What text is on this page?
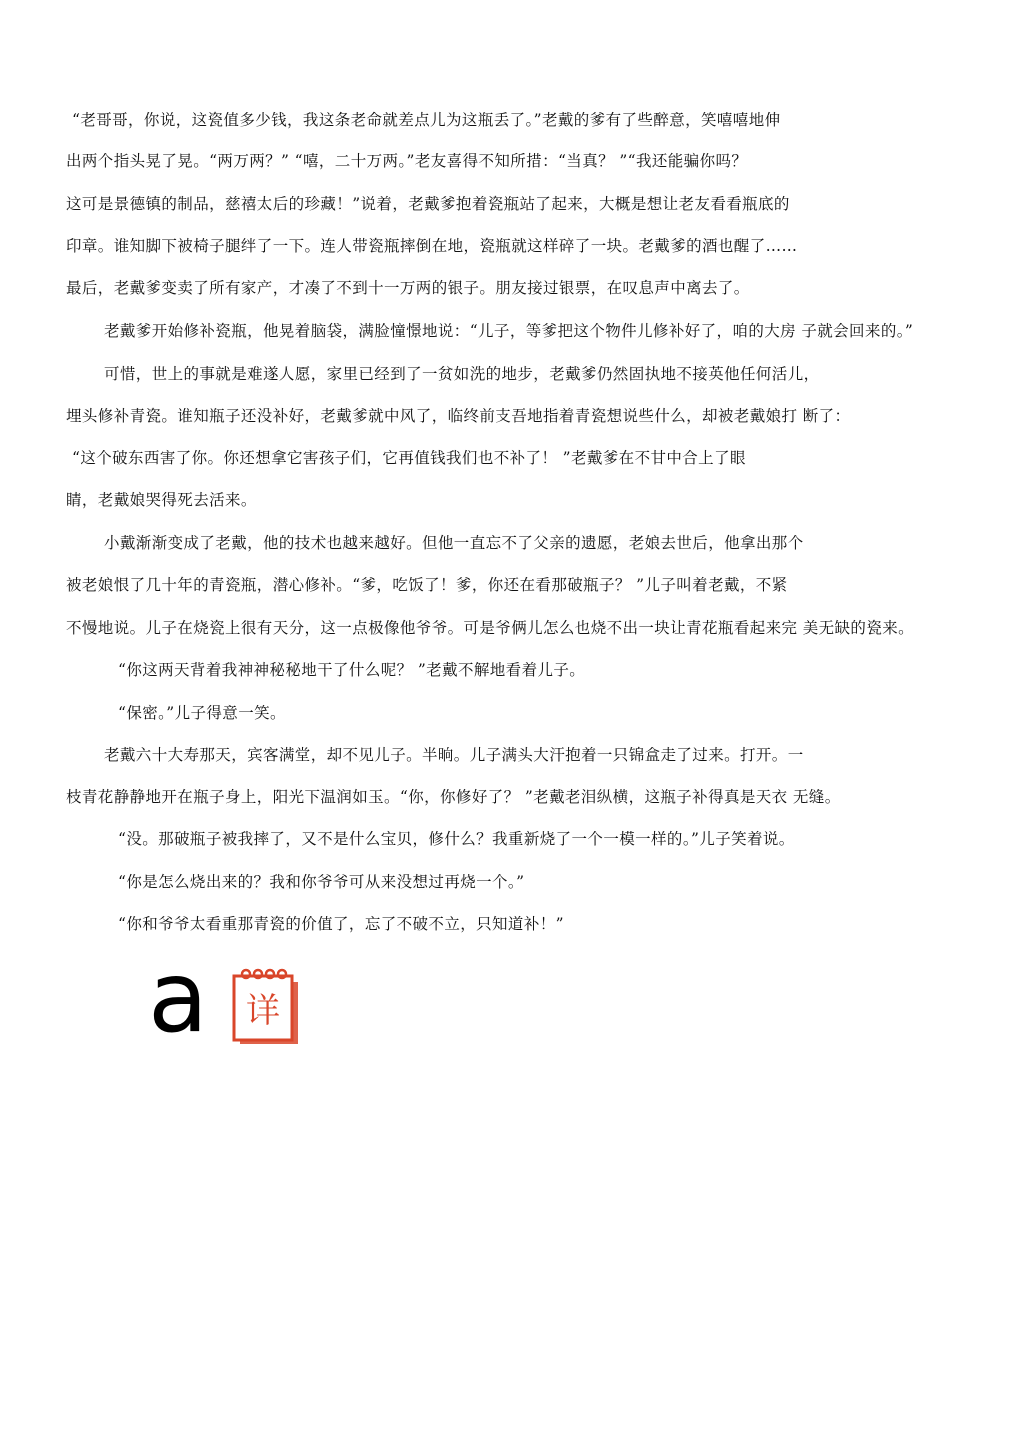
“老哥哥，你说，这瓷值多少钱，我这条老命就差点儿为这瓶丢了。”老戴的爹有了些醉意，笑嘻嘻地伸
出两个指头晃了晃。“两万两？” “嘻，二十万两。”老友喜得不知所措：“当真？ ”“我还能骗你吗？
这可是景德镇的制品，慈禧太后的珍藏！”说着，老戴爹抱着瓷瓶站了起来，大概是想让老友看看瓶底的
印章。谁知脚下被椅子腿绊了一下。连人带瓷瓶摔倒在地，瓷瓶就这样碎了一块。老戴爹的酒也醒了……
最后，老戴爹变卖了所有家产，才凑了不到十一万两的银子。朋友接过银票，在叹息声中离去了。
老戴爹开始修补瓷瓶，他晃着脑袋，满脸憧憬地说：“儿子，等爹把这个物件儿修补好了，咱的大房 子就会回来的。”
可惜，世上的事就是难遂人愿，家里已经到了一贫如洗的地步，老戴爹仍然固执地不接英他任何活儿，
埋头修补青瓷。谁知瓶子还没补好，老戴爹就中风了，临终前支吾地指着青瓷想说些什么，却被老戴娘打 断了：
“这个破东西害了你。你还想拿它害孩子们，它再值钱我们也不补了！ ”老戴爹在不甘中合上了眼
睛，老戴娘哭得死去活来。
小戴渐渐变成了老戴，他的技术也越来越好。但他一直忘不了父亲的遗愿，老娘去世后，他拿出那个
被老娘恨了几十年的青瓷瓶，潜心修补。“爹，吃饭了！爹，你还在看那破瓶子？ ”儿子叫着老戴，不紧
不慢地说。儿子在烧瓷上很有天分，这一点极像他爷爷。可是爷俩儿怎么也烧不出一块让青花瓶看起来完 美无缺的瓷来。
“你这两天背着我神神秘秘地干了什么呢？ ”老戴不解地看着儿子。
“保密。”儿子得意一笑。
老戴六十大寿那天，宾客满堂，却不见儿子。半晌。儿子满头大汗抱着一只锦盒走了过来。打开。一
枝青花静静地开在瓶子身上，阳光下温润如玉。“你，你修好了？ ”老戴老泪纵横，这瓶子补得真是天衣 无缝。
“没。那破瓶子被我摔了，又不是什么宝贝，修什么？我重新烧了一个一模一样的。”儿子笑着说。
“你是怎么烧出来的？我和你爷爷可从来没想过再烧一个。”
“你和爷爷太看重那青瓷的价值了，忘了不破不立，只知道补！”
a 详
